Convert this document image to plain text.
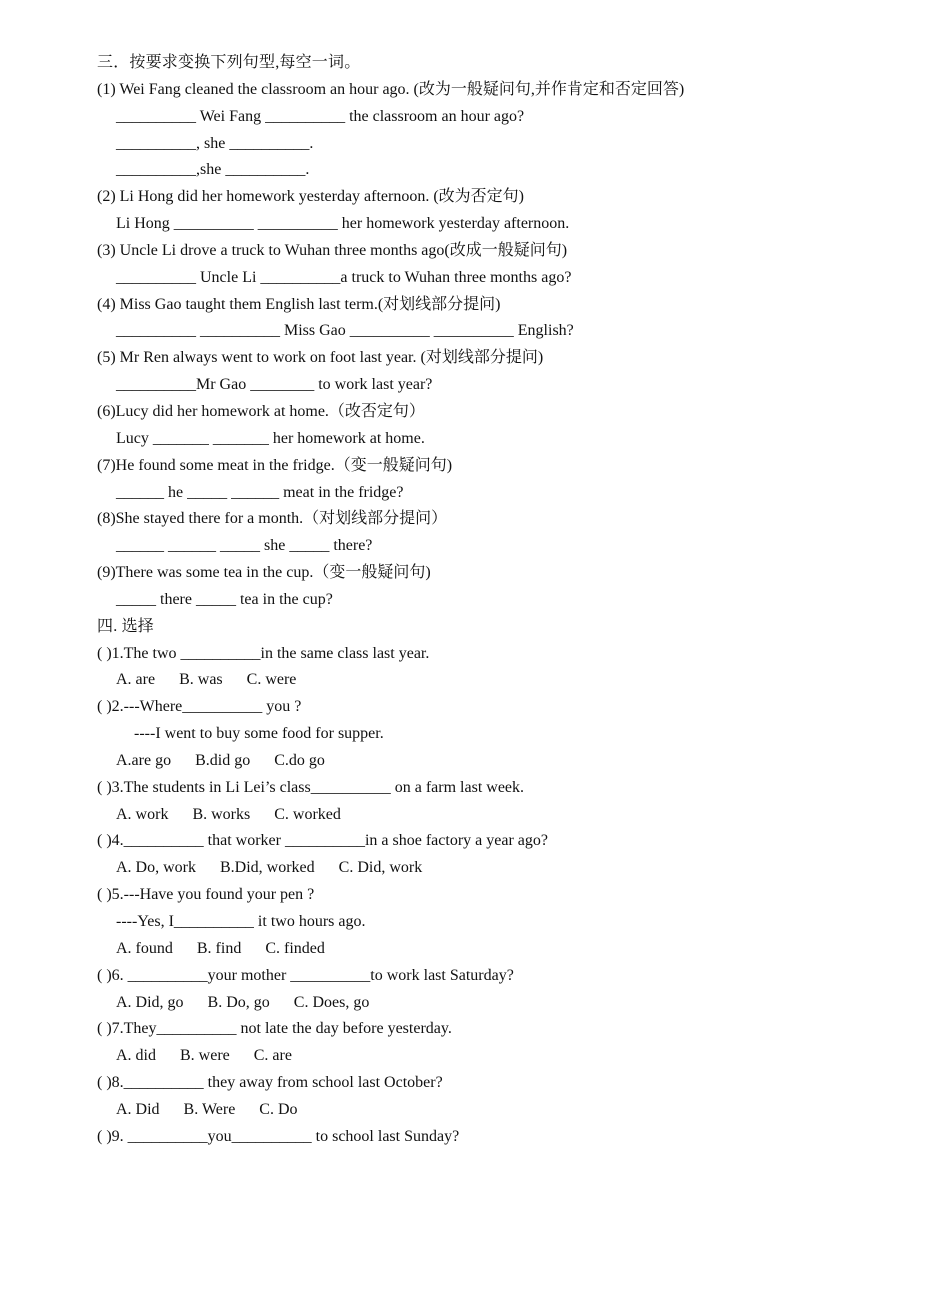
三．按要求变换下列句型,每空一词。
(1) Wei Fang cleaned the classroom an hour ago. (改为一般疑问句,并作肯定和否定回答)
__________ Wei Fang __________ the classroom an hour ago?
__________, she __________.
__________,she __________.
(2) Li Hong did her homework yesterday afternoon. (改为否定句)
Li Hong __________ __________ her homework yesterday afternoon.
(3) Uncle Li drove a truck to Wuhan three months ago(改成一般疑问句)
__________ Uncle Li __________a truck to Wuhan three months ago?
(4) Miss Gao taught them English last term.(对划线部分提问)
__________ __________ Miss Gao __________ __________ English?
(5) Mr Ren always went to work on foot last year. (对划线部分提问)
__________Mr Gao ________ to work last year?
(6)Lucy did her homework at home.（改否定句）
Lucy _______ _______ her homework at home.
(7)He found some meat in the fridge.（变一般疑问句)
______ he _____ ______ meat in the fridge?
(8)She stayed there for a month.（对划线部分提问）
______ ______ _____ she _____ there?
(9)There was some tea in the cup.（变一般疑问句)
_____ there _____ tea in the cup?
四. 选择
( )1.The two __________in the same class last year.
A. are      B. was      C. were
( )2.---Where__________ you ?
----I went to buy some food for supper.
A.are go      B.did go      C.do go
( )3.The students in Li Lei’s class__________ on a farm last week.
A. work      B. works      C. worked
( )4.__________ that worker __________in a shoe factory a year ago?
A. Do, work      B.Did, worked      C. Did, work
( )5.---Have you found your pen ?
----Yes, I__________ it two hours ago.
A. found      B. find      C. finded
( )6. __________your mother __________to work last Saturday?
A. Did, go      B. Do, go      C. Does, go
( )7.They__________ not late the day before yesterday.
A. did      B. were      C. are
( )8.__________ they away from school last October?
A. Did      B. Were      C. Do
( )9. __________you__________ to school last Sunday?
